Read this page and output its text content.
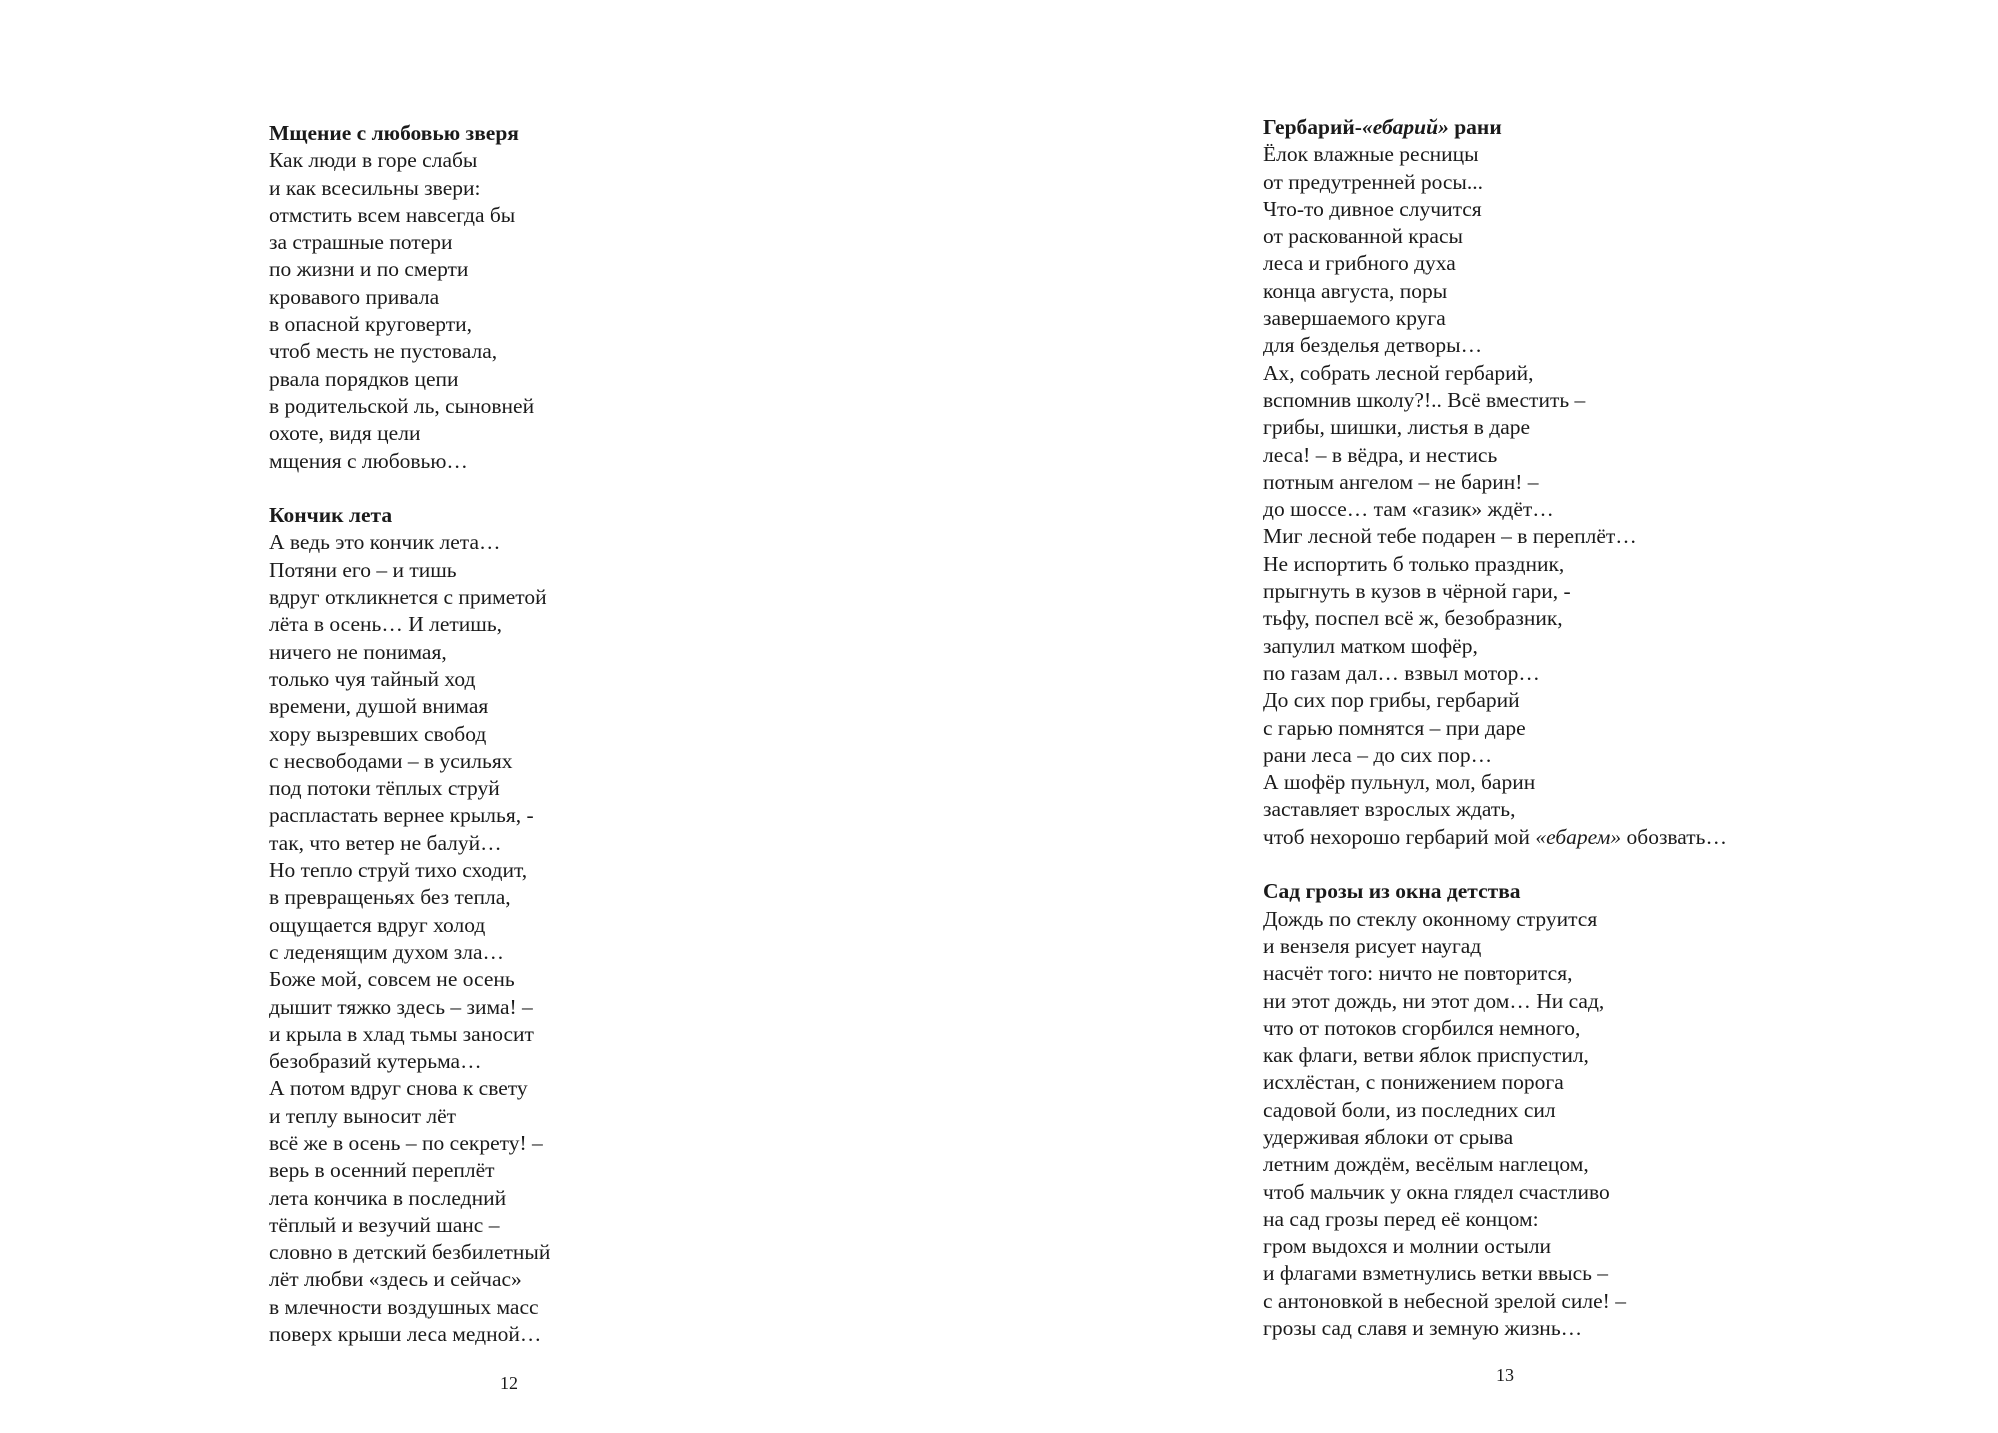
Мщение с любовью зверя
Как люди в горе слабы
и как всесильны звери:
отмстить всем навсегда бы
за страшные потери
по жизни и по смерти
кровавого привала
в опасной круговерти,
чтоб месть не пустовала,
рвала порядков цепи
в родительской ль, сыновней
охоте, видя цели
мщения с любовью…
Кончик лета
А ведь это кончик лета…
Потяни его – и тишь
вдруг откликнется с приметой
лёта в осень… И летишь,
ничего не понимая,
только чуя тайный ход
времени, душой внимая
хору вызревших свобод
с несвободами – в усильях
под потоки тёплых струй
распластать вернее крылья, -
так, что ветер не балуй…
Но тепло струй тихо сходит,
в превращеньях без тепла,
ощущается вдруг холод
с леденящим духом зла…
Боже мой, совсем не осень
дышит тяжко здесь – зима! –
и крыла в хлад тьмы заносит
безобразий кутерьма…
А потом вдруг снова к свету
и теплу выносит лёт
всё же в осень – по секрету! –
верь в осенний переплёт
лета кончика в последний
тёплый и везучий шанс –
словно в детский безбилетный
лёт любви «здесь и сейчас»
в млечности воздушных масс
поверх крыши леса медной…
12
Гербарий-«ебарий» рани
Ёлок влажные ресницы
от предутренней росы...
Что-то дивное случится
от раскованной красы
леса и грибного духа
конца августа, поры
завершаемого круга
для безделья детворы…
Ах, собрать лесной гербарий,
вспомнив школу?!.. Всё вместить –
грибы, шишки, листья в даре
леса! – в вёдра, и нестись
потным ангелом – не барин! –
до шоссе… там «газик» ждёт…
Миг лесной тебе подарен – в переплёт…
Не испортить б только праздник,
прыгнуть в кузов в чёрной гари, -
тьфу, поспел всё ж, безобразник,
запулил матком шофёр,
по газам дал… взвыл мотор…
До сих пор грибы, гербарий
с гарью помнятся – при даре
рани леса – до сих пор…
А шофёр пульнул, мол, барин
заставляет взрослых ждать,
чтоб нехорошо гербарий мой «ебарем» обозвать…
Сад грозы из окна детства
Дождь по стеклу оконному струится
и вензеля рисует наугад
насчёт того: ничто не повторится,
ни этот дождь, ни этот дом… Ни сад,
что от потоков сгорбился немного,
как флаги, ветви яблок приспустил,
исхлёстан, с понижением порога
садовой боли, из последних сил
удерживая яблоки от срыва
летним дождём, весёлым наглецом,
чтоб мальчик у окна глядел счастливо
на сад грозы перед её концом:
гром выдохся и молнии остыли
и флагами взметнулись ветки ввысь –
с антоновкой в небесной зрелой силе! –
грозы сад славя и земную жизнь…
13
